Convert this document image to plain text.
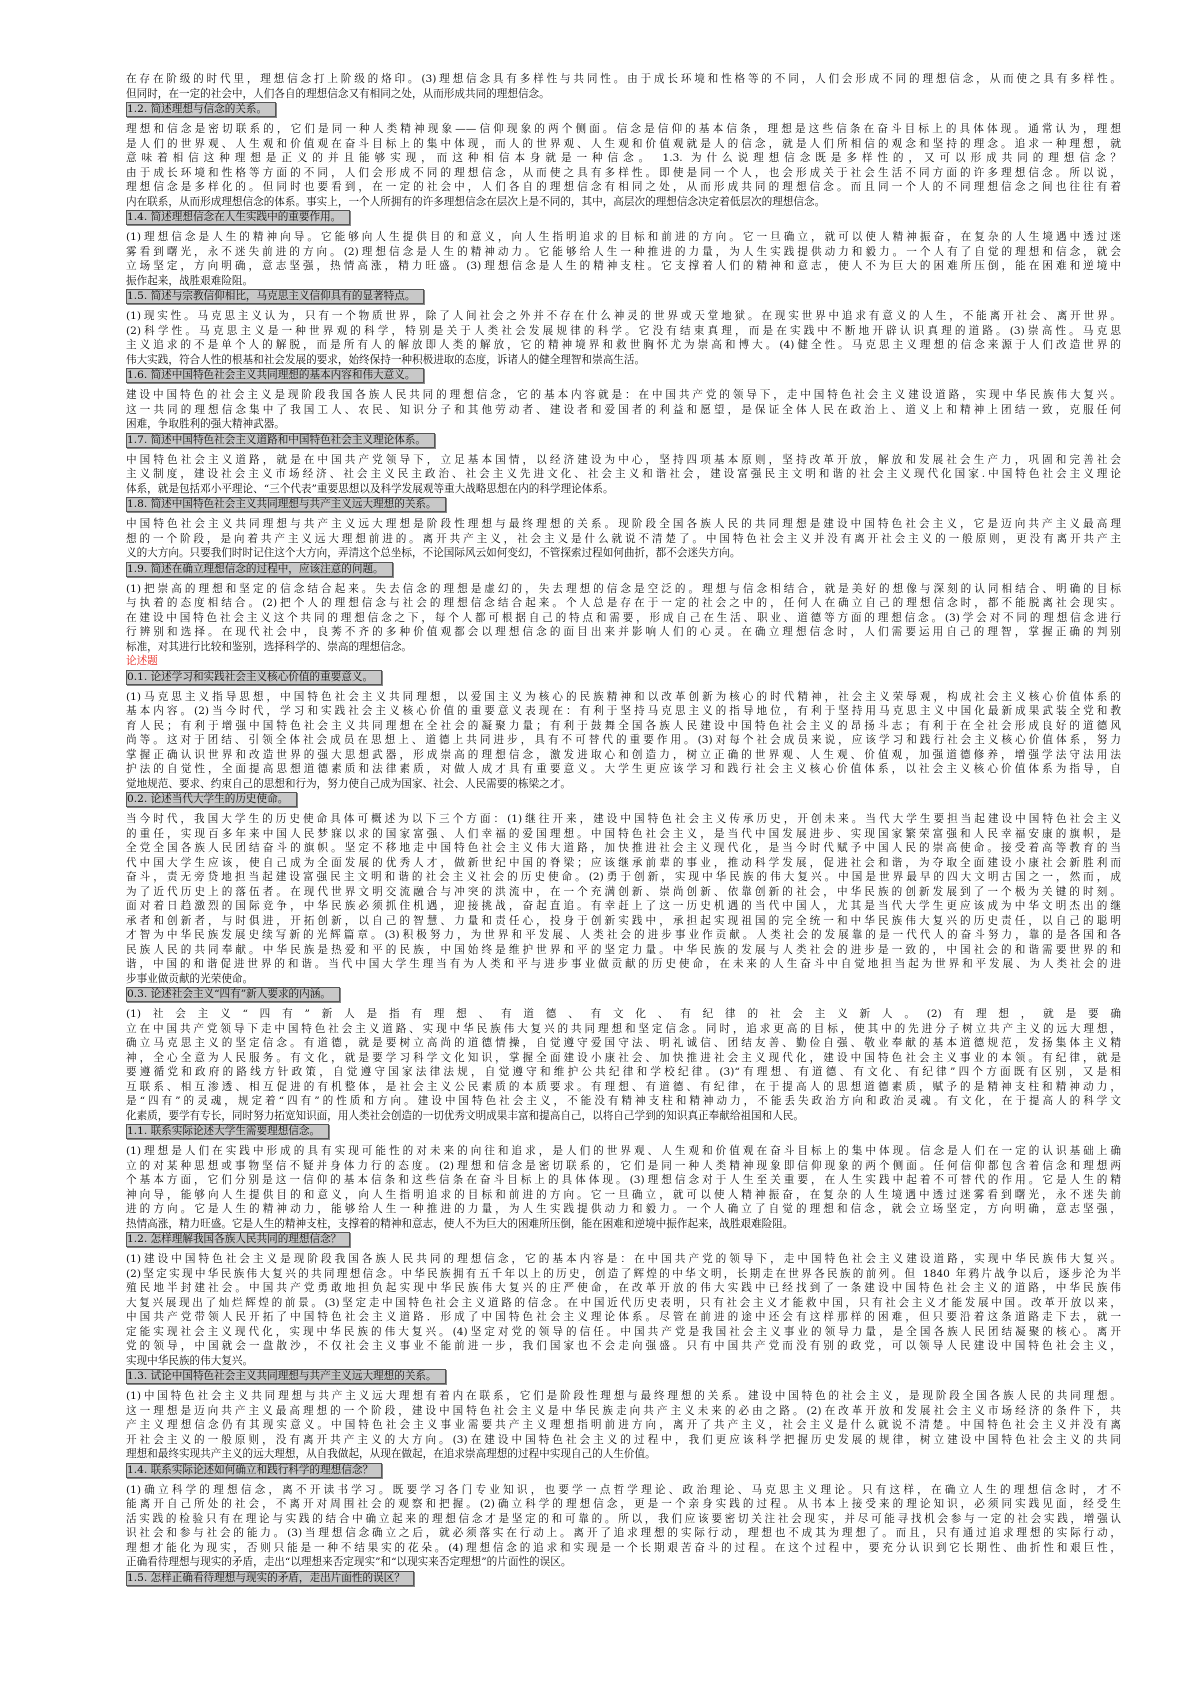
在存在阶级的时代里，理想信念打上阶级的烙印。(3)理想信念具有多样性与共同性。由于成长环境和性格等的不同，人们会形成不同的理想信念，从而使之具有多样性。
但同时，在一定的社会中，人们各自的理想信念又有相同之处，从而形成共同的理想信念。
1.2. 简述理想与信念的关系。
理想和信念是密切联系的，它们是同一种人类精神现象——信仰现象的两个侧面。信念是信仰的基本信条，理想是这些信条在奋斗目标上的具体体现。通常认为，理想
是人们的世界观、人生观和价值观在奋斗目标上的集中体现，而人的世界观、人生观和价值观就是人的信念，就是人们所相信的观念和坚持的理念。追求一种理想，就
意味着相信这种理想是正义的并且能够实现，而这种相信本身就是一种信念。 1.3. 为什么说理想信念既是多样性的，又可以形成共同的理想信念？
由于成长环境和性格等方面的不同，人们会形成不同的理想信念，从而使之具有多样性。即使是同一个人，也会形成关于社会生活不同方面的许多理想信念。所以说，
理想信念是多样化的。但同时也要看到，在一定的社会中，人们各自的理想信念有相同之处，从而形成共同的理想信念。而且同一个人的不同理想信念之间也往往有着
内在联系，从而形成理想信念的体系。事实上，一个人所拥有的许多理想信念在层次上是不同的，其中，高层次的理想信念决定着低层次的理想信念。
1.4. 简述理想信念在人生实践中的重要作用。
(1)理想信念是人生的精神向导。它能够向人生提供目的和意义，向人生指明追求的目标和前进的方向。它一旦确立，就可以使人精神振奋，在复杂的人生境遇中透过迷
雾看到曙光，永不迷失前进的方向。(2)理想信念是人生的精神动力。它能够给人生一种推进的力量，为人生实践提供动力和毅力。一个人有了自觉的理想和信念，就会
立场坚定，方向明确，意志坚强，热情高涨，精力旺盛。(3)理想信念是人生的精神支柱。它支撑着人们的精神和意志，使人不为巨大的困难所压倒，能在困难和逆境中
振作起来，战胜艰难险阻。
1.5. 简述与宗教信仰相比，马克思主义信仰具有的显著特点。
(1)现实性。马克思主义认为，只有一个物质世界，除了人间社会之外并不存在什么神灵的世界或天堂地狱。在现实世界中追求有意义的人生，不能离开社会、离开世界。
(2)科学性。马克思主义是一种世界观的科学，特别是关于人类社会发展规律的科学。它没有结束真理，而是在实践中不断地开辟认识真理的道路。(3)崇高性。马克思
主义追求的不是单个人的解脱，而是所有人的解放即人类的解放，它的精神境界和救世胸怀尤为崇高和博大。(4)健全性。马克思主义理想的信念来源于人们改造世界的
伟大实践，符合人性的根基和社会发展的要求，始终保持一种积极进取的态度，诉诸人的健全理智和崇高生活。
1.6. 简述中国特色社会主义共同理想的基本内容和伟大意义。
建设中国特色的社会主义是现阶段我国各族人民共同的理想信念，它的基本内容就是：在中国共产党的领导下，走中国特色社会主义建设道路，实现中华民族伟大复兴。
这一共同的理想信念集中了我国工人、农民、知识分子和其他劳动者、建设者和爱国者的利益和愿望，是保证全体人民在政治上、道义上和精神上团结一致，克服任何
困难，争取胜利的强大精神武器。
1.7. 简述中国特色社会主义道路和中国特色社会主义理论体系。
中国特色社会主义道路，就是在中国共产党领导下，立足基本国情，以经济建设为中心，坚持四项基本原则，坚持改革开放，解放和发展社会生产力，巩固和完善社会
主义制度，建设社会主义市场经济、社会主义民主政治、社会主义先进文化、社会主义和谐社会，建设富强民主文明和谐的社会主义现代化国家.中国特色社会主义理论
体系，就是包括邓小平理论、“三个代表”重要思想以及科学发展观等重大战略思想在内的科学理论体系。
1.8. 简述中国特色社会主义共同理想与共产主义远大理想的关系。
中国特色社会主义共同理想与共产主义远大理想是阶段性理想与最终理想的关系。现阶段全国各族人民的共同理想是建设中国特色社会主义，它是迈向共产主义最高理
想的一个阶段，是向着共产主义远大理想前进的。离开共产主义，社会主义是什么就说不清楚了。中国特色社会主义并没有离开社会主义的一般原则，更没有离开共产主
义的大方向。只要我们时时记住这个大方向，弄清这个总坐标，不论国际风云如何变幻，不管探索过程如何曲折，都不会迷失方向。
1.9. 简述在确立理想信念的过程中，应该注意的问题。
(1)把崇高的理想和坚定的信念结合起来。失去信念的理想是虚幻的，失去理想的信念是空泛的。理想与信念相结合，就是美好的想像与深刻的认同相结合、明确的目标
与执着的态度相结合。(2)把个人的理想信念与社会的理想信念结合起来。个人总是存在于一定的社会之中的，任何人在确立自己的理想信念时，都不能脱离社会现实。
在建设中国特色社会主义这个共同的理想信念之下，每个人都可根据自己的特点和需要，形成自己在生活、职业、道德等方面的理想信念。(3)学会对不同的理想信念进行
行辨别和选择。在现代社会中，良莠不齐的多种价值观都会以理想信念的面目出来并影响人们的心灵。在确立理想信念时，人们需要运用自己的理智，掌握正确的判别
标准，对其进行比较和鉴别，选择科学的、崇高的理想信念。
论述题
0.1. 论述学习和实践社会主义核心价值的重要意义。
(1)马克思主义指导思想，中国特色社会主义共同理想，以爱国主义为核心的民族精神和以改革创新为核心的时代精神，社会主义荣辱观，构成社会主义核心价值体系的
基本内容。(2)当今时代，学习和实践社会主义核心价值的重要意义表现在：有利于坚持马克思主义的指导地位，有利于坚持用马克思主义中国化最新成果武装全党和教
育人民；有利于增强中国特色社会主义共同理想在全社会的凝聚力量；有利于鼓舞全国各族人民建设中国特色社会主义的昂扬斗志；有利于在全社会形成良好的道德风
尚等。这对于团结、引领全体社会成员在思想上、道德上共同进步，具有不可替代的重要作用。(3)对每个社会成员来说，应该学习和践行社会主义核心价值体系，努力
掌握正确认识世界和改造世界的强大思想武器，形成崇高的理想信念，激发进取心和创造力，树立正确的世界观、人生观、价值观，加强道德修养，增强学法守法用法
护法的自觉性，全面提高思想道德素质和法律素质，对做人成才具有重要意义。大学生更应该学习和践行社会主义核心价值体系，以社会主义核心价值体系为指导，自
觉地规范、要求、约束自己的思想和行为，努力使自己成为国家、社会、人民需要的栋梁之才。
0.2. 论述当代大学生的历史使命。
当今时代，我国大学生的历史使命具体可概述为以下三个方面：(1)继往开来，建设中国特色社会主义传承历史，开创未来。当代大学生要担当起建设中国特色社会主义
的重任，实现百多年来中国人民梦寐以求的国家富强、人们幸福的爱国理想。中国特色社会主义，是当代中国发展进步、实现国家繁荣富强和人民幸福安康的旗帜，是
全党全国各族人民团结奋斗的旗帜。坚定不移地走中国特色社会主义伟大道路，加快推进社会主义现代化，是当今时代赋予中国人民的崇高使命。接受着高等教育的当
代中国大学生应该，使自己成为全面发展的优秀人才，做新世纪中国的脊梁；应该继承前辈的事业，推动科学发展，促进社会和谐，为夺取全面建设小康社会新胜利而
奋斗，责无旁贷地担当起建设富强民主文明和谐的社会主义社会的历史使命。(2)勇于创新，实现中华民族的伟大复兴。中国是世界最早的四大文明古国之一，然而，成
为了近代历史上的落伍者。在现代世界文明交流融合与冲突的洪流中，在一个充满创新、崇尚创新、依靠创新的社会，中华民族的创新发展到了一个极为关键的时刻。
面对着日趋激烈的国际竞争，中华民族必须抓住机遇，迎接挑战，奋起直追。有幸赶上了这一历史机遇的当代中国人，尤其是当代大学生更应该成为中华文明杰出的继
承者和创新者，与时俱进，开拓创新，以自己的智慧、力量和责任心，投身于创新实践中，承担起实现祖国的完全统一和中华民族伟大复兴的历史责任，以自己的聪明
才智为中华民族发展史续写新的光辉篇章。(3)积极努力，为世界和平发展、人类社会的进步事业作贡献。人类社会的发展靠的是一代代人的奋斗努力，靠的是各国和各
民族人民的共同奉献。中华民族是热爱和平的民族，中国始终是维护世界和平的坚定力量。中华民族的发展与人类社会的进步是一致的，中国社会的和谐需要世界的和
谐，中国的和谐促进世界的和谐。当代中国大学生理当有为人类和平与进步事业做贡献的历史使命，在未来的人生奋斗中自觉地担当起为世界和平发展、为人类社会的进
步事业做贡献的光荣使命。
0.3. 论述社会主义“四有”新人要求的内涵。
(1)社会主义“四有”新人是指有理想、有道德、有文化、有纪律的社会主义新人。(2)有理想，就是要确
立在中国共产党领导下走中国特色社会主义道路、实现中华民族伟大复兴的共同理想和坚定信念。同时，追求更高的目标，使其中的先进分子树立共产主义的远大理想，
确立马克思主义的坚定信念。有道德，就是要树立高尚的道德情操，自觉遵守爱国守法、明礼诚信、团结友善、勤俭自强、敬业奉献的基本道德规范，发扬集体主义精
神，全心全意为人民服务。有文化，就是要学习科学文化知识，掌握全面建设小康社会、加快推进社会主义现代化，建设中国特色社会主义事业的本领。有纪律，就是
要遵循党和政府的路线方针政策，自觉遵守国家法律法规，自觉遵守和维护公共纪律和学校纪律。(3)“有理想、有道德、有文化、有纪律”四个方面既有区别，又是相
互联系、相互渗透、相互促进的有机整体，是社会主义公民素质的本质要求。有理想、有道德、有纪律，在于提高人的思想道德素质，赋予的是精神支柱和精神动力，
是“四有”的灵魂，规定着“四有”的性质和方向。建设中国特色社会主义，不能没有精神支柱和精神动力，不能丢失政治方向和政治灵魂。有文化，在于提高人的科学文
化素质，要学有专长，同时努力拓宽知识面，用人类社会创造的一切优秀文明成果丰富和提高自己，以将自己学到的知识真正奉献给祖国和人民。
1.1. 联系实际论述大学生需要理想信念。
(1)理想是人们在实践中形成的具有实现可能性的对未来的向往和追求，是人们的世界观、人生观和价值观在奋斗目标上的集中体现。信念是人们在一定的认识基础上确
立的对某种思想或事物坚信不疑并身体力行的态度。(2)理想和信念是密切联系的，它们是同一种人类精神现象即信仰现象的两个侧面。任何信仰都包含着信念和理想两
个基本方面，它们分别是这一信仰的基本信条和这些信条在奋斗目标上的具体体现。(3)理想信念对于人生至关重要，在人生实践中起着不可替代的作用。它是人生的精
神向导，能够向人生提供目的和意义，向人生指明追求的目标和前进的方向。它一旦确立，就可以使人精神振奋，在复杂的人生境遇中透过迷雾看到曙光，永不迷失前
进的方向。它是人生的精神动力，能够给人生一种推进的力量，为人生实践提供动力和毅力。一个人确立了自觉的理想和信念，就会立场坚定，方向明确，意志坚强，
热情高涨，精力旺盛。它是人生的精神支柱，支撑着的精神和意志，使人不为巨大的困难所压倒，能在困难和逆境中振作起来，战胜艰难险阻。
1.2. 怎样理解我国各族人民共同的理想信念？
(1)建设中国特色社会主义是现阶段我国各族人民共同的理想信念，它的基本内容是：在中国共产党的领导下，走中国特色社会主义建设道路，实现中华民族伟大复兴。
(2)坚定实现中华民族伟大复兴的共同理想信念。中华民族拥有五千年以上的历史，创造了辉煌的中华文明，长期走在世界各民族的前列。但 1840 年鸦片战争以后，逐步沦为半
殖民地半封建社会。中国共产党勇敢地担负起实现中华民族伟大复兴的庄严使命，在改革开放的伟大实践中已经找到了一条建设中国特色社会主义的道路，中华民族伟
大复兴展现出了灿烂辉煌的前景。(3)坚定走中国特色社会主义道路的信念。在中国近代历史表明，只有社会主义才能救中国，只有社会主义才能发展中国。改革开放以来，
中国共产党带领人民开拓了中国特色社会主义道路．形成了中国特色社会主义理论体系。尽管在前进的途中还会有这样那样的困难，但只要沿着这条道路走下去，就一
定能实现社会主义现代化，实现中华民族的伟大复兴。(4)坚定对党的领导的信任。中国共产党是我国社会主义事业的领导力量，是全国各族人民团结凝聚的核心。离开
党的领导，中国就会一盘散沙，不仅社会主义事业不能前进一步，我们国家也不会走向强盛。只有中国共产党而没有别的政党，可以领导人民建设中国特色社会主义，
实现中华民族的伟大复兴。
1.3. 试论中国特色社会主义共同理想与共产主义远大理想的关系。
(1)中国特色社会主义共同理想与共产主义远大理想有着内在联系，它们是阶段性理想与最终理想的关系。建设中国特色的社会主义，是现阶段全国各族人民的共同理想。
这一理想是迈向共产主义最高理想的一个阶段，建设中国特色社会主义是中华民族走向共产主义未来的必由之路。(2)在改革开放和发展社会主义市场经济的条件下，共
产主义理想信念仍有其现实意义。中国特色社会主义事业需要共产主义理想指明前进方向，离开了共产主义，社会主义是什么就说不清楚。中国特色社会主义并没有离
开社会主义的一般原则，没有离开共产主义的大方向。(3)在建设中国特色社会主义的过程中，我们更应该科学把握历史发展的规律，树立建设中国特色社会主义的共同
理想和最终实现共产主义的远大理想，从自我做起，从现在做起，在追求崇高理想的过程中实现自己的人生价值。
1.4. 联系实际论述如何确立和践行科学的理想信念？
(1)确立科学的理想信念，离不开读书学习。既要学习各门专业知识，也要学一点哲学理论、政治理论、马克思主义理论。只有这样，在确立人生的理想信念时，才不
能离开自己所处的社会，不离开对周围社会的观察和把握。(2)确立科学的理想信念，更是一个亲身实践的过程。从书本上接受来的理论知识，必须同实践见面，经受生
活实践的检验只有在理论与实践的结合中确立起来的理想信念才是坚定的和可靠的。所以，我们应该要密切关注社会现实，并尽可能寻找机会参与一定的社会实践，增强认
识社会和参与社会的能力。(3)当理想信念确立之后，就必须落实在行动上。离开了追求理想的实际行动，理想也不成其为理想了。而且，只有通过追求理想的实际行动，
理想才能化为现实，否则只能是一种不结果实的花朵。(4)理想信念的追求和实现是一个长期艰苦奋斗的过程。在这个过程中，要充分认识到它长期性、曲折性和艰巨性，
正确看待理想与现实的矛盾，走出“以理想来否定现实”和“以现实来否定理想”的片面性的误区。
1.5. 怎样正确看待理想与现实的矛盾，走出片面性的误区？
